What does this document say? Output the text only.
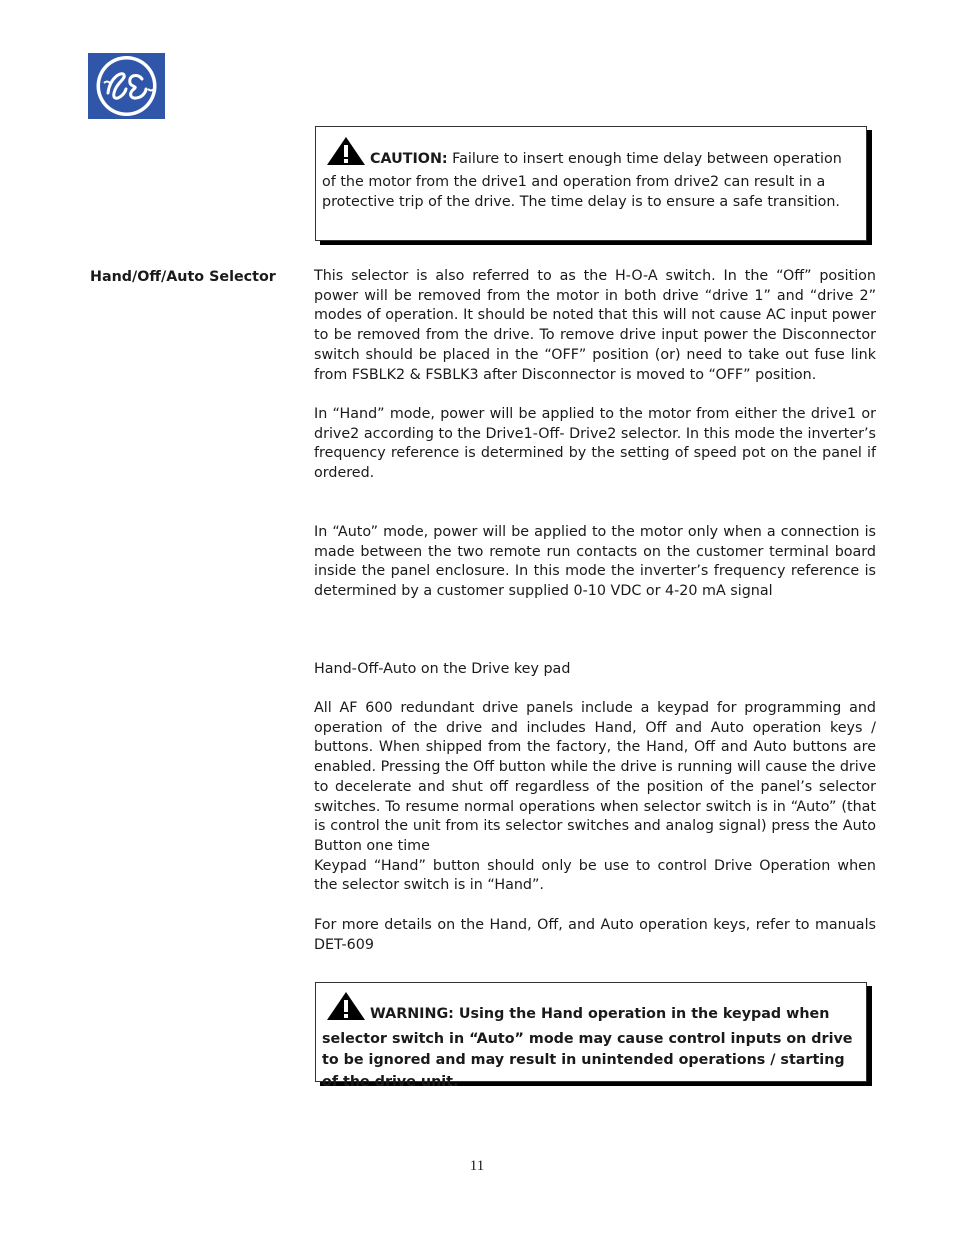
CAUTION: Failure to insert enough time delay between operation of the motor from the drive1 and operation from drive2 can result in a protective trip of the drive. The time delay is to ensure a safe transition.
Hand/Off/Auto Selector	This selector is also referred to as the H-O-A switch. In the “Off” position power will be removed from the motor in both drive “drive 1” and “drive 2” modes of operation. It should be noted that this will not cause AC input power to be removed from the drive. To remove drive input power the Disconnector switch should be placed in the “OFF” position (or) need to take out fuse link from FSBLK2 & FSBLK3 after Disconnector is moved to “OFF” position.

In “Hand” mode, power will be applied to the motor from either the drive1 or drive2 according to the Drive1-Off- Drive2 selector. In this mode the inverter’s frequency reference is determined by the setting of speed pot on the panel if ordered.

In “Auto” mode, power will be applied to the motor only when a connection is made between the two remote run contacts on the customer terminal board inside the panel enclosure. In this mode the inverter’s frequency reference is determined by a customer supplied 0-10 VDC or 4-20 mA signal

Hand-Off-Auto on the Drive key pad

All AF 600 redundant drive panels include a keypad for programming and operation of the drive and includes Hand, Off and Auto operation keys / buttons. When shipped from the factory, the Hand, Off and Auto buttons are enabled. Pressing the Off button while the drive is running will cause the drive to decelerate and shut off regardless of the position of the panel’s selector switches. To resume normal operations when selector switch is in “Auto” (that is control the unit from its selector switches and analog signal) press the Auto Button one time

Keypad “Hand” button should only be use to control Drive Operation when the selector switch is in “Hand”.

For more details on the Hand, Off, and Auto operation keys, refer to manuals DET-609

WARNING: Using the Hand operation in the keypad when selector switch in “Auto” mode may cause control inputs on drive to be ignored and may result in unintended operations / starting of the drive unit.
11
